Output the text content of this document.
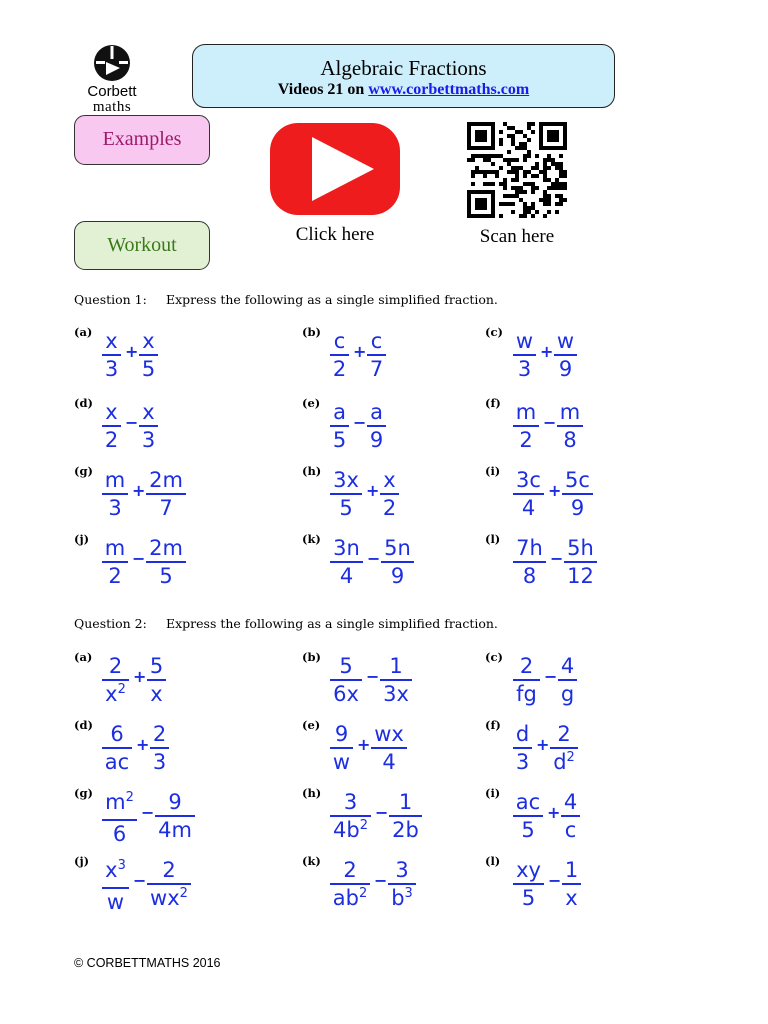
Corbett
maths
Algebraic Fractions
Videos 21 on www.corbettmaths.com
Examples
Workout	Click here	Scan here
Question 1: Express the following as a single simplified fraction.
Question 2: Express the following as a single simplified fraction.
(a) x
3
+ x
5
(b) c
2
+ c
7
(c) w
3
+ w
9
(d) x
2
− x
3
(e) a
5
− a
9
(f) m
2
− m
8
(g) m
3
+ 2m
7
(h) 3x
5
+ x
2
(i) 3c
4
+ 5c
9
(j) m
2
− 2m
5
(k) 3n
4
− 5n
9
(l) 7h
8
− 5h
12
(a) 2
$x^2$
+ 5
x
(b) 5
6x
− 1
3x
(c) 2
fg
− 4
g
(d) 6
ac
+ 2
3
(e) 9
w
+ wx
4
(f) d
3
+ 2
$d^2$
(g) $m^2$
6
− 9
4m
(h)	3
$4b^2$
− 1
2b
(i) ac
5
+ 4
c
(j) $x^3$
w
− 2
$wx^2$
(k)	2
$ab^2$
− 3
$b^3$
(l) xy
5
− 1
x
© CORBETTMATHS 2016
